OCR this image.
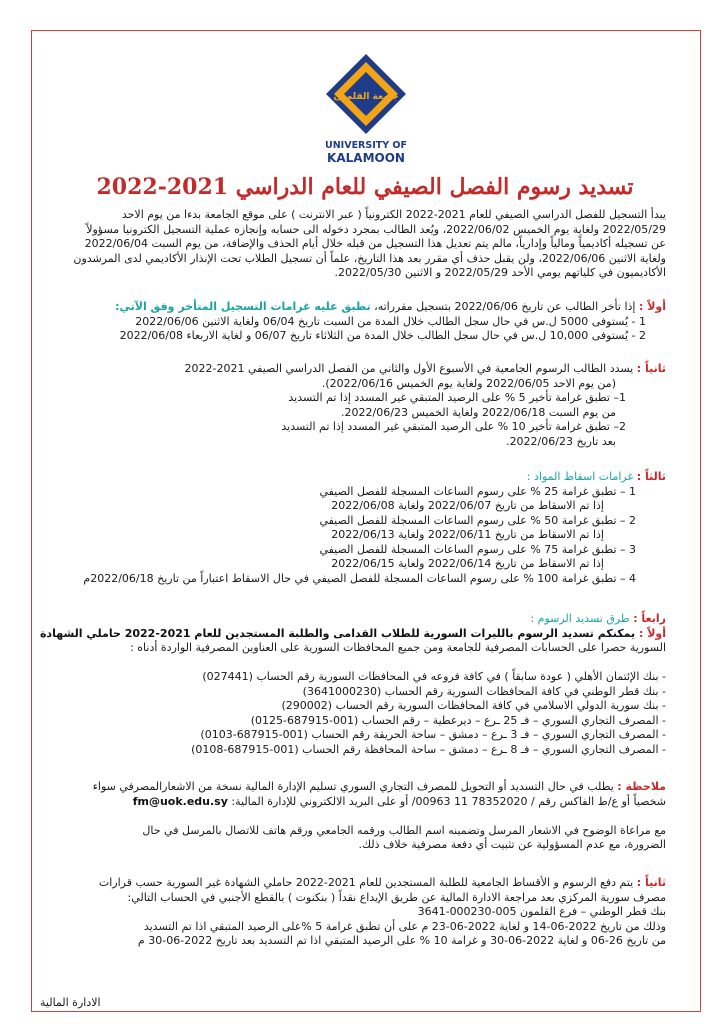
جامعة القلمون
UNIVERSITY OF
KALAMOON
تسديد رسوم الفصل الصيفي للعام الدراسي 2021-2022

يبدأ التسجيل للفصل الدراسي الصيفي للعام 2021-2022 الكترونياً ( عبر الانترنت ) على موقع الجامعة بدءا من يوم الاحد

2022/05/29 ولغاية يوم الخميس 2022/06/02، ويُعد الطالب بمجرد دخوله الى حسابه وإنجازه عملية التسجيل الكترونيا مسؤولاً

عن تسجيله أكاديمياً ومالياً وإدارياً، مالم يتم تعديل هذا التسجيل من قبله خلال أيام الحذف والإضافة، من يوم السبت 2022/06/04

ولغاية الاثنين 2022/06/06، ولن يقبل حذف أي مقرر بعد هذا التاريخ، علماً أن تسجيل الطلاب تحت الإنذار الأكاديمي لدى المرشدون

الأكاديميون في كلياتهم يومي الأحد 2022/05/29 و الاثنين 2022/05/30.

أولاً : إذا تأخر الطالب عن تاريخ 2022/06/06 بتسجيل مقرراته، تطبق عليه غرامات التسجيل المتأخر وفق الآتي:

1 - يُستوفى 5000 ل.س في حال سجل الطالب خلال المدة من السبت تاريخ 06/04 ولغاية الاثنين 2022/06/06

2 - يُستوفى 10,000 ل.س في حال سجل الطالب خلال المدة من الثلاثاء تاريخ 06/07 و لغاية الاربعاء 2022/06/08

ثانياً : يسدد الطالب الرسوم الجامعية في الأسبوع الأول والثاني من الفصل الدراسي الصيفي 2021-2022

(من يوم الاحد 2022/06/05 ولغاية يوم الخميس 2022/06/16).

1– تطبق غرامة تأخير 5 % على الرصيد المتبقي غير المسدد إذا تم التسديد

من يوم السبت 2022/06/18 ولغاية الخميس 2022/06/23.

2– تطبق غرامة تأخير 10 % على الرصيد المتبقي غير المسدد إذا تم التسديد

بعد تاريخ 2022/06/23.

ثالثاً : غرامات اسقاط المواد :

1 – تطبق غرامة 25 % على رسوم الساعات المسجلة للفصل الصيفي

إذا تم الاسقاط من تاريخ 2022/06/07 ولغاية 2022/06/08

2 – تطبق غرامة 50 % على رسوم الساعات المسجلة للفصل الصيفي

إذا تم الاسقاط من تاريخ 2022/06/11 ولغاية 2022/06/13

3 – تطبق غرامة 75 % على رسوم الساعات المسجلة للفصل الصيفي

إذا تم الاسقاط من تاريخ 2022/06/14 ولغاية 2022/06/15

4 – تطبق غرامة 100 % على رسوم الساعات المسجلة للفصل الصيفي في حال الاسقاط اعتباراً من تاريخ 2022/06/18م

رابعاً : طرق تسديد الرسوم :

أولاً : يمكنكم تسديد الرسوم بالليرات السورية للطلاب القدامى والطلبة المستجدين للعام 2021-2022 حاملي الشهادة

السورية حصرا على الحسابات المصرفية للجامعة ومن جميع المحافظات السورية على العناوين المصرفية الواردة أدناه :

- بنك الإئتمان الأهلي ( عودة سابقاً ) في كافة فروعه في المحافظات السورية رقم الحساب (027441)

- بنك قطر الوطني في كافة المحافظات السورية رقم الحساب (3641000230)

- بنك سورية الدولي الاسلامي في كافة المحافظات السورية رقم الحساب (290002)

- المصرف التجاري السوري – فـ 25 ـرع – ديرعطية – رقم الحساب (001-687915-0125)

- المصرف التجاري السوري – فـ 3 ـرع – دمشق – ساحة الحريقة رقم الحساب (001-687915-0103)

- المصرف التجاري السوري – فـ 8 ـرع – دمشق – ساحة المحافظة رقم الحساب (001-687915-0108)

ملاحظة : يطلب في حال التسديد أو التحويل للمصرف التجاري السوري تسليم الإدارة المالية نسخة من الاشعارالمصرفي سواء

شخصياً أو ع/ط الفاكس رقم / 78352020 11 00963/ أو على البريد الالكتروني للإدارة المالية: fm@uok.edu.sy

مع مراعاة الوضوح في الاشعار المرسل وتضمينه اسم الطالب ورقمه الجامعي ورقم هاتف للاتصال بالمرسل في حال

الضرورة، مع عدم المسؤولية عن تثبيت أي دفعة مصرفية خلاف ذلك.

ثانياً : يتم دفع الرسوم و الأقساط الجامعية للطلبة المستجدين للعام 2021-2022 حاملي الشهادة غير السورية حسب قرارات

مصرف سورية المركزي بعد مراجعة الادارة المالية عن طريق الإيداع نقداً ( بنكنوت ) بالقطع الأجنبي في الحساب التالي:

بنك قطر الوطني – فرع القلمون 005-000230-3641

وذلك من تاريخ 2022-06-14 و لغاية 2022-06-23 م على أن تطبق غرامة 5 %على الرصيد المتبقي اذا تم التسديد

من تاريخ 26-06 و لغاية 2022-06-30 و غرامة 10 % على الرصيد المتبقي اذا تم التسديد بعد تاريخ 2022-06-30 م

الادارة المالية
